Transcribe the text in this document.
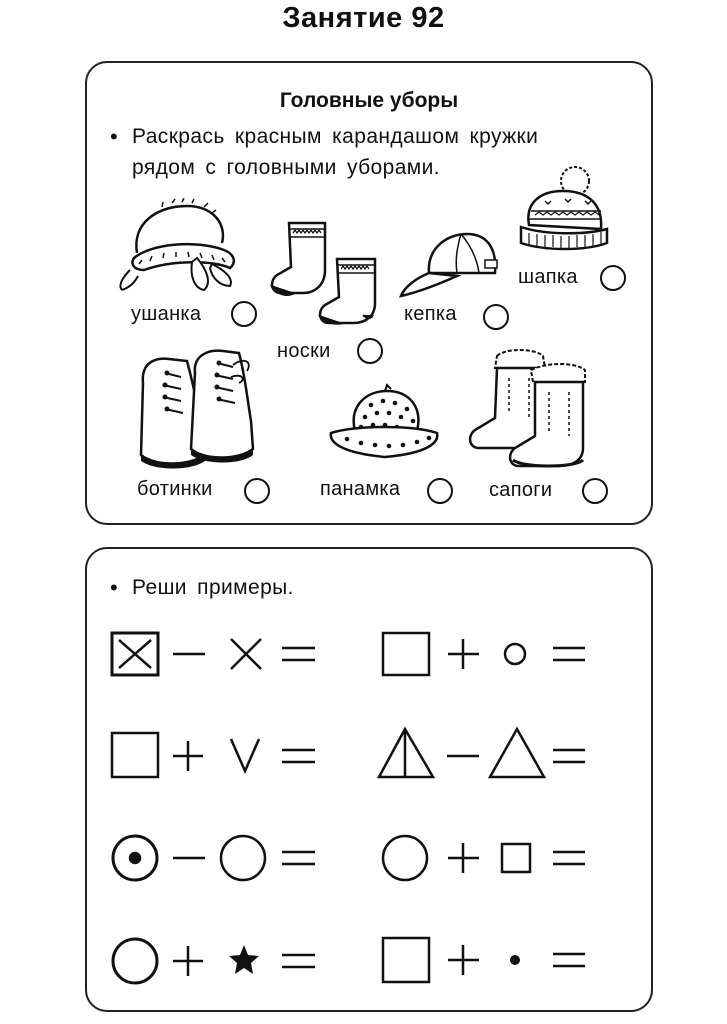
Занятие 92
Головные уборы
• Раскрась красным карандашом кружки
рядом с головными уборами.
ушанка
носки
кепка
шапка
ботинки	панамка	сапоги
• Реши примеры.
